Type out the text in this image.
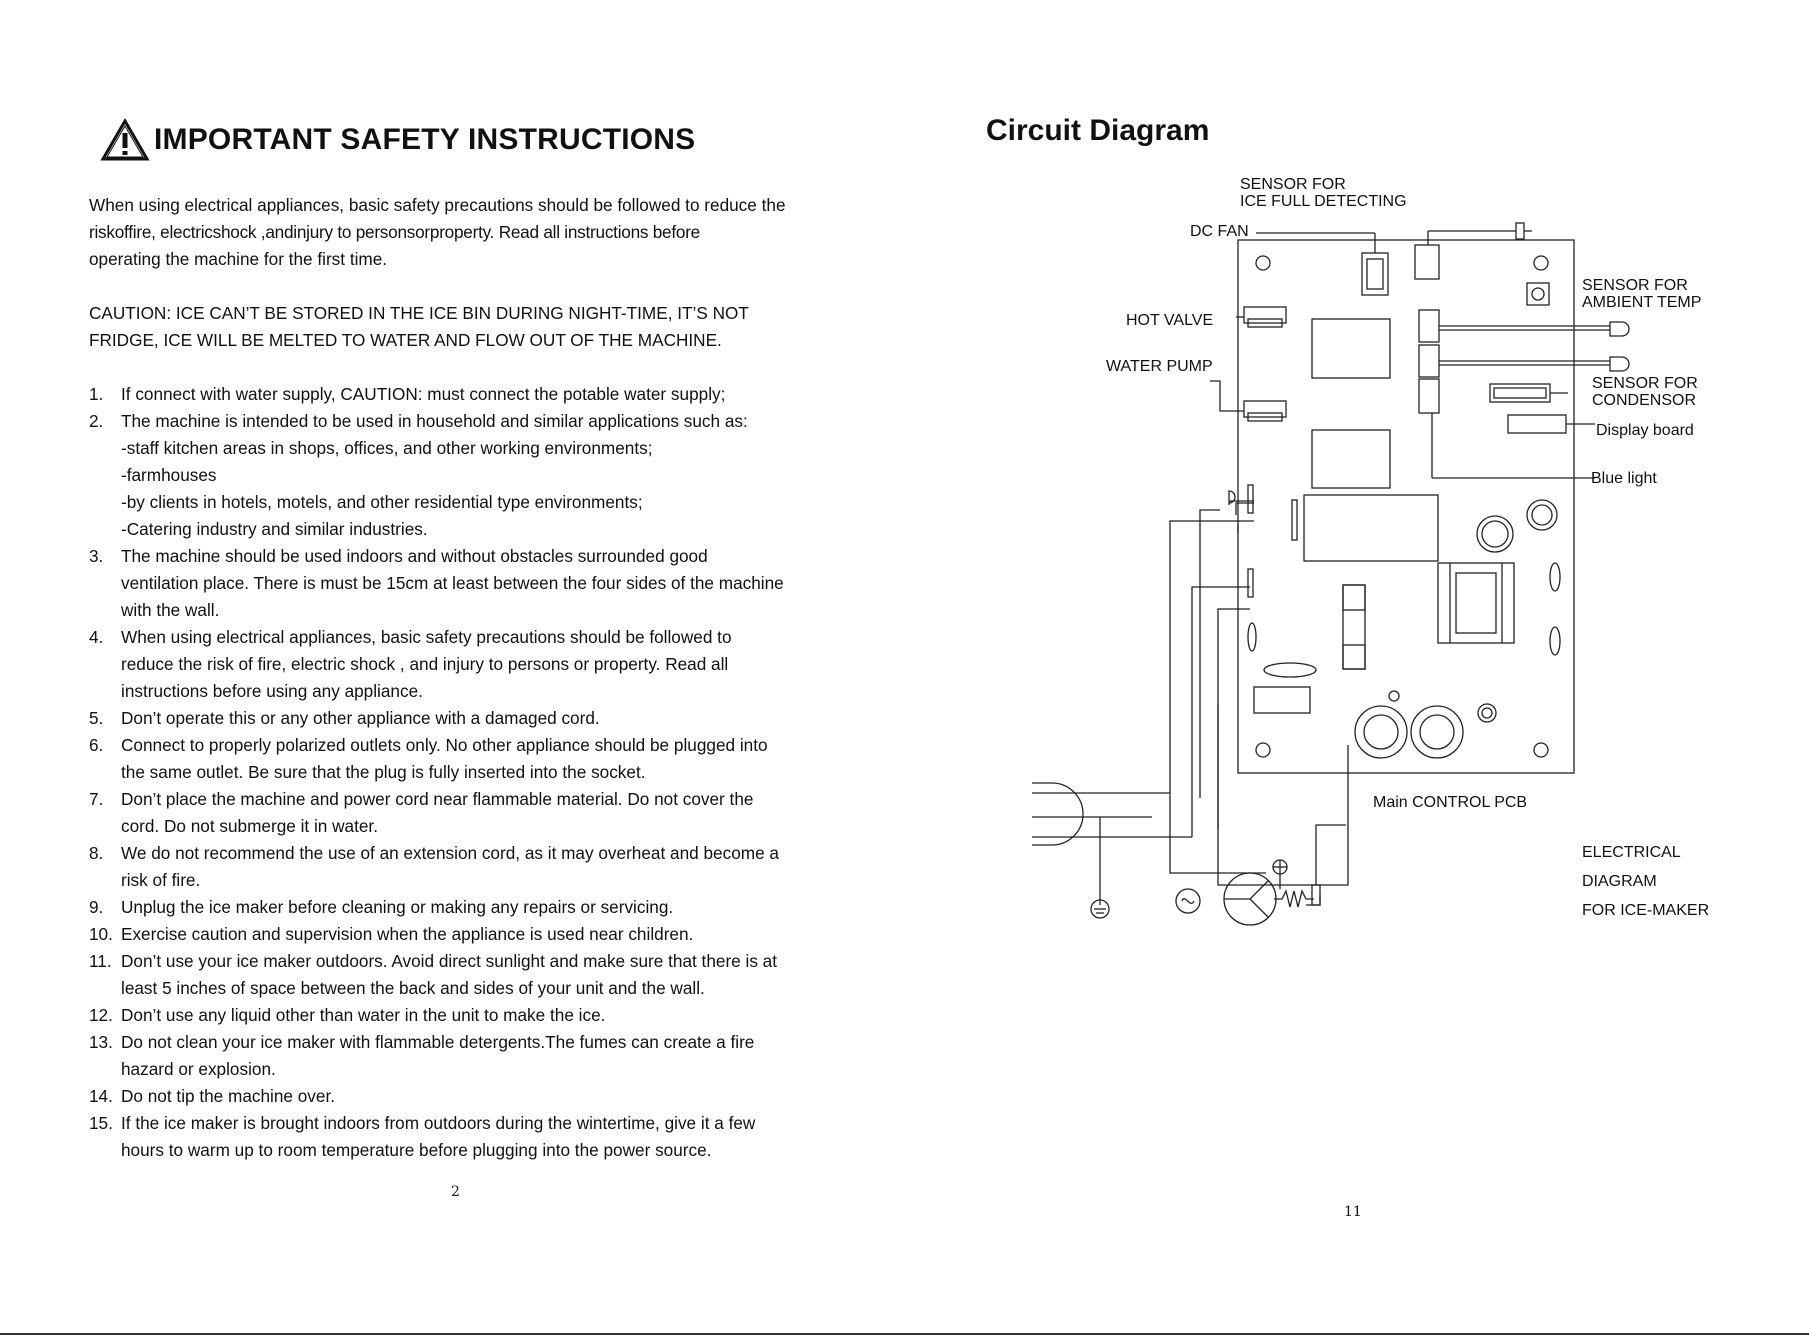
IMPORTANT SAFETY INSTRUCTIONS
When using electrical appliances, basic safety precautions should be followed to reduce the
riskoffire, electricshock ,andinjury to personsorproperty. Read all instructions before
operating the machine for the first time.
CAUTION: ICE CAN’T BE STORED IN THE ICE BIN DURING NIGHT-TIME, IT’S NOT
FRIDGE, ICE WILL BE MELTED TO WATER AND FLOW OUT OF THE MACHINE.
1. If connect with water supply, CAUTION: must connect the potable water supply;
2. The machine is intended to be used in household and similar applications such as:
-staff kitchen areas in shops, offices, and other working environments;
-farmhouses
-by clients in hotels, motels, and other residential type environments;
-Catering industry and similar industries.
3. The machine should be used indoors and without obstacles surrounded good
ventilation place. There is must be 15cm at least between the four sides of the machine
with the wall.
4. When using electrical appliances, basic safety precautions should be followed to
reduce the risk of fire, electric shock , and injury to persons or property. Read all
instructions before using any appliance.
5. Don’t operate this or any other appliance with a damaged cord.
6. Connect to properly polarized outlets only. No other appliance should be plugged into
the same outlet. Be sure that the plug is fully inserted into the socket.
7. Don’t place the machine and power cord near flammable material. Do not cover the
cord. Do not submerge it in water.
8. We do not recommend the use of an extension cord, as it may overheat and become a
risk of fire.
9. Unplug the ice maker before cleaning or making any repairs or servicing.
10. Exercise caution and supervision when the appliance is used near children.
11. Don’t use your ice maker outdoors. Avoid direct sunlight and make sure that there is at
least 5 inches of space between the back and sides of your unit and the wall.
12. Don’t use any liquid other than water in the unit to make the ice.
13. Do not clean your ice maker with flammable detergents.The fumes can create a fire
hazard or explosion.
14. Do not tip the machine over.
15. If the ice maker is brought indoors from outdoors during the wintertime, give it a few
hours to warm up to room temperature before plugging into the power source.
2
11
Circuit Diagram
SENSOR FOR
ICE FULL DETECTING
DC FAN
SENSOR FOR
AMBIENT TEMP
HOT VALVE
WATER PUMP
SENSOR FOR
CONDENSOR
Display board
Blue light
Main CONTROL PCB
ELECTRICAL
DIAGRAM
FOR ICE-MAKER
